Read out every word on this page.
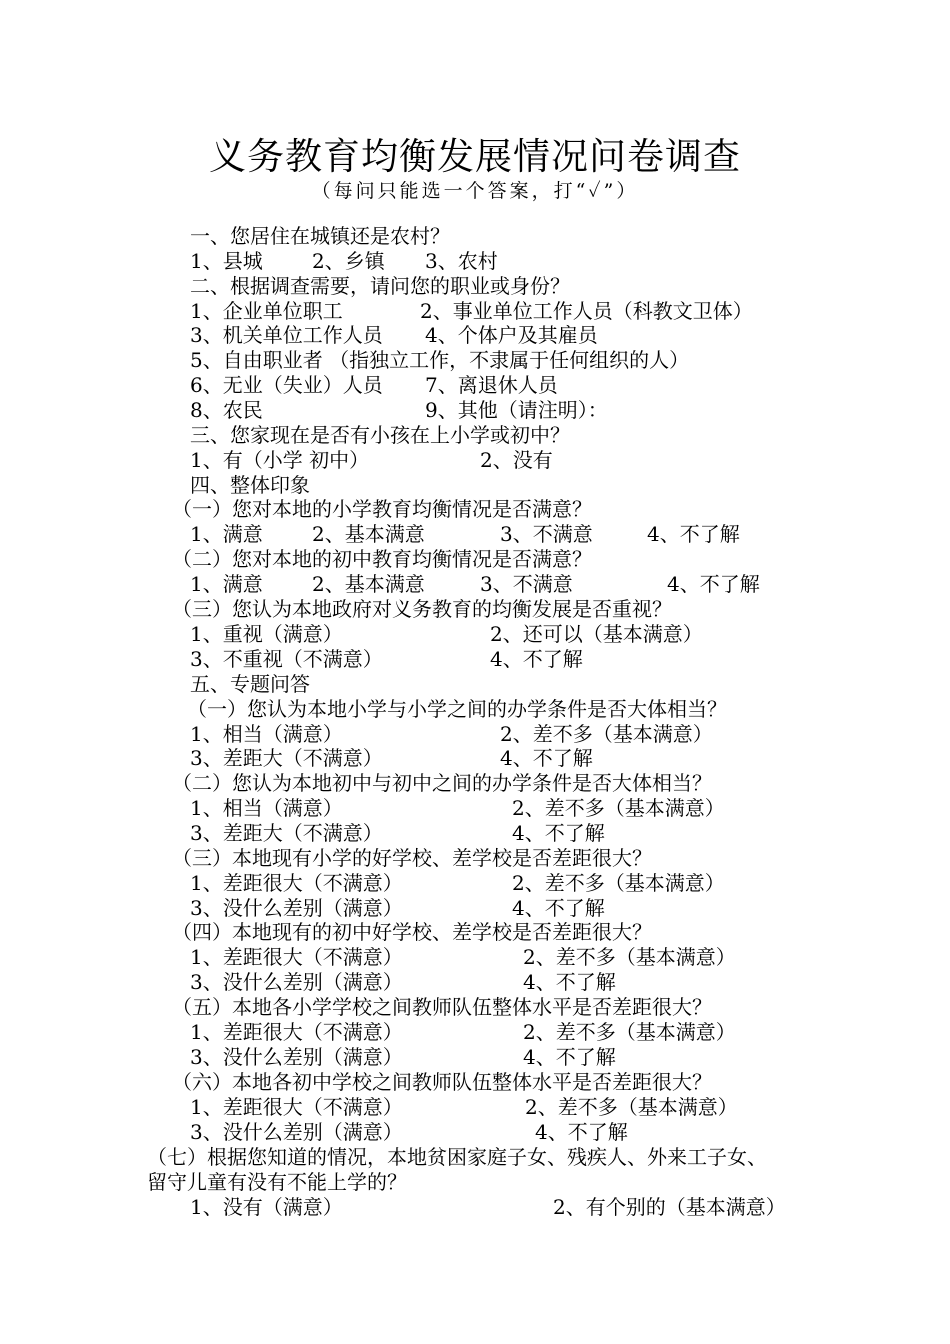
义务教育均衡发展情况问卷调查
（每问只能选一个答案，打“✓”）
一、您居住在城镇还是农村？
1、县城 2、乡镇 3、农村
二、根据调查需要，请问您的职业或身份？
1、企业单位职工	2、事业单位工作人员（科教文卫体）
3、机关单位工作人员 4、个体户及其雇员
5、自由职业者 （指独立工作，不隶属于任何组织的人）
6、无业（失业）人员 7、离退休人员
8、农民	9、其他（请注明）：
三、您家现在是否有小孩在上小学或初中？
1、有（小学 初中）	2、没有
四、整体印象
（一）您对本地的小学教育均衡情况是否满意？
1、满意 2、基本满意	3、不满意	4、不了解
（二）您对本地的初中教育均衡情况是否满意？
1、满意 2、基本满意	3、不满意	4、不了解
（三）您认为本地政府对义务教育的均衡发展是否重视？
1、重视（满意）	2、还可以（基本满意）
3、不重视（不满意）	4、不了解
五、专题问答
（一）您认为本地小学与小学之间的办学条件是否大体相当？
1、相当（满意）	2、差不多（基本满意）
3、差距大（不满意）	4、不了解
（二）您认为本地初中与初中之间的办学条件是否大体相当？
1、相当（满意）	2、差不多（基本满意）
3、差距大（不满意）	4、不了解
（三）本地现有小学的好学校、差学校是否差距很大？
1、差距很大（不满意）	2、差不多（基本满意）
3、没什么差别（满意）	4、不了解
（四）本地现有的初中好学校、差学校是否差距很大？
1、差距很大（不满意）	2、差不多（基本满意）
3、没什么差别（满意）	4、不了解
（五）本地各小学学校之间教师队伍整体水平是否差距很大？
1、差距很大（不满意）	2、差不多（基本满意）
3、没什么差别（满意）	4、不了解
（六）本地各初中学校之间教师队伍整体水平是否差距很大？
1、差距很大（不满意）	2、差不多（基本满意）
3、没什么差别（满意）	4、不了解
（七）根据您知道的情况，本地贫困家庭子女、残疾人、外来工子女、
留守儿童有没有不能上学的？
1、没有（满意）	2、有个别的（基本满意）
